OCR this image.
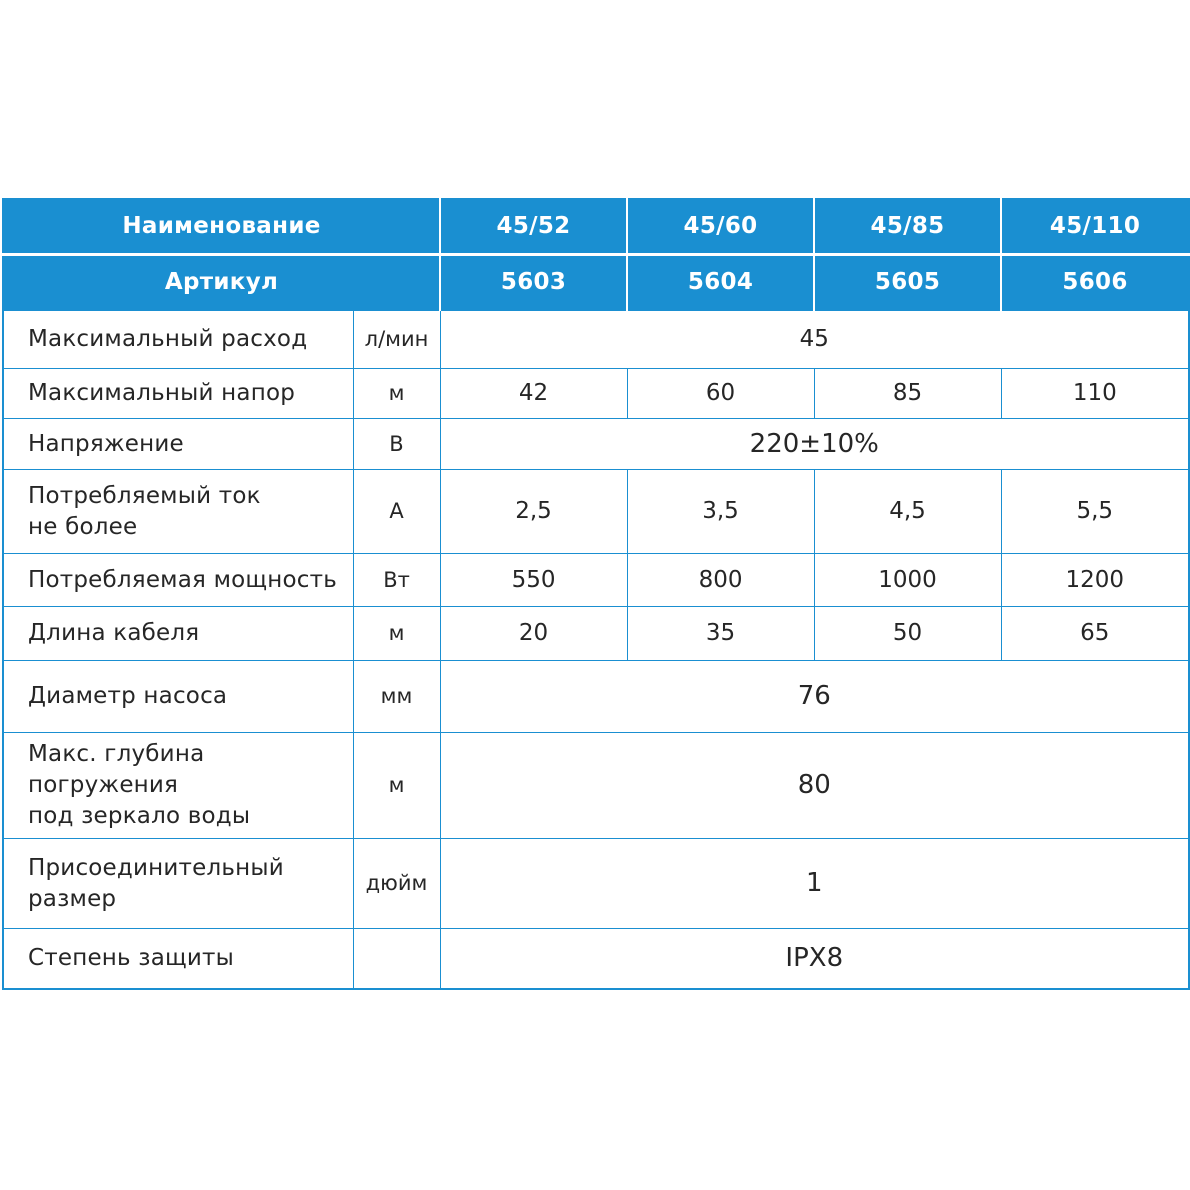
Наименование		45/52	45/60	45/85	45/110
Артикул		5603	5604	5605	5606
Максимальный расход	л/мин	45			
Максимальный напор	м	42	60	85	110
Напряжение	В	220±10%			

Потребляемый ток
не более	А	2,5	3,5	4,5	5,5
Потребляемая мощность	Вт	550	800	1000	1200
Длина кабеля	м	20	35	50	65
Диаметр насоса	мм	76			

Макс. глубина погружения
под зеркало воды	м	80			
Присоединительный размер	дюйм	1			
Степень защиты		IPX8			
